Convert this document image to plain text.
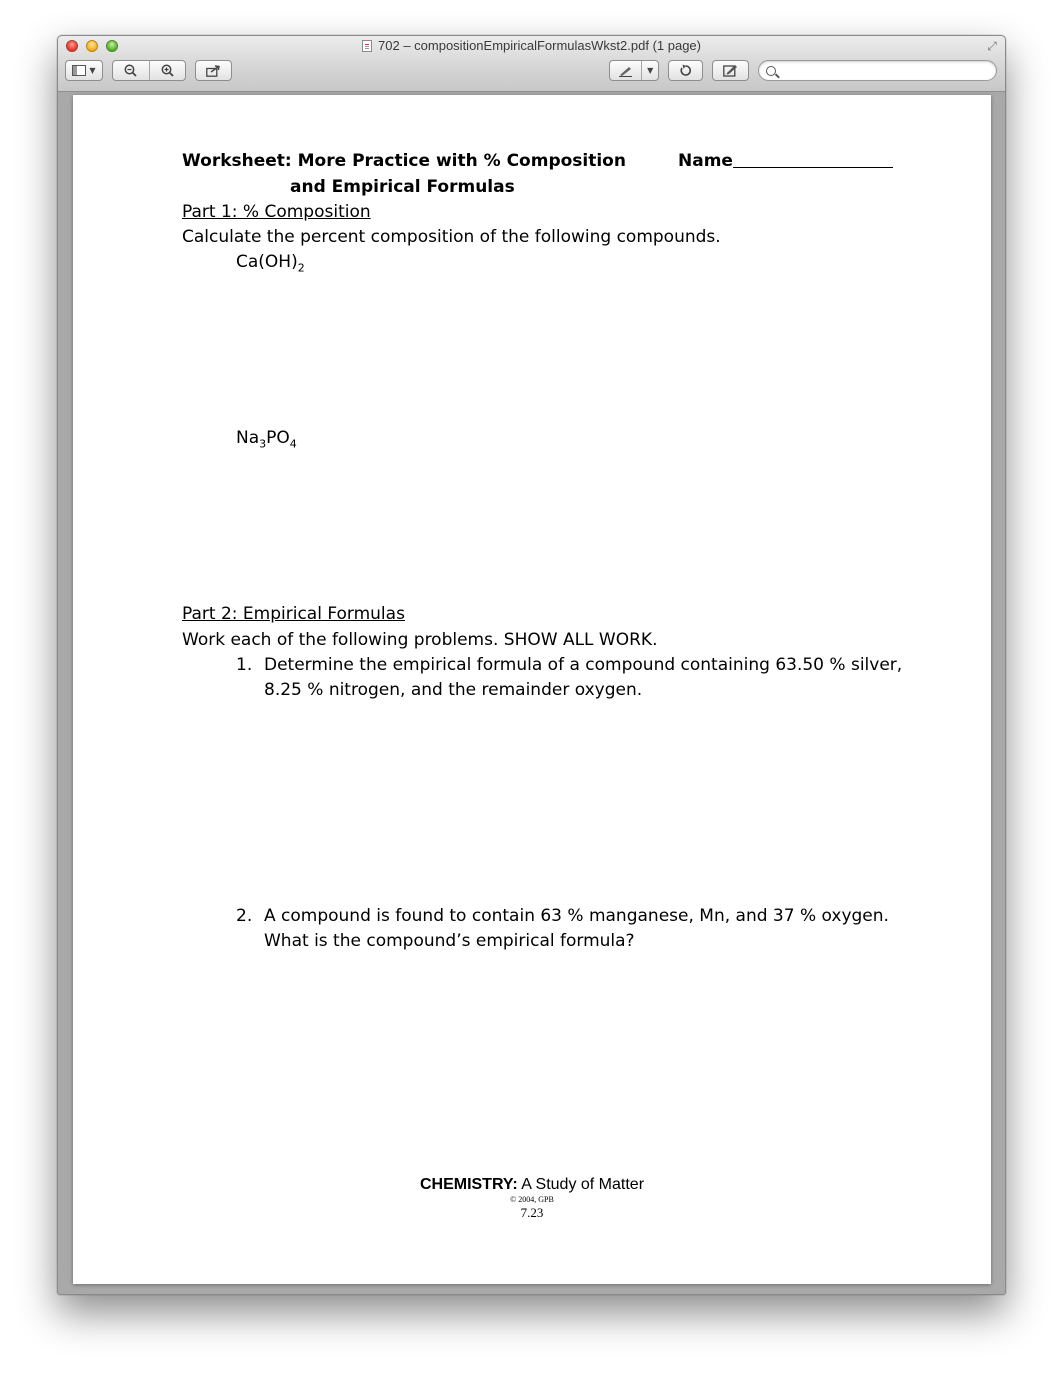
702 – compositionEmpiricalFormulasWkst2.pdf (1 page)	⤢
▼	▼
Worksheet: More Practice with % Composition	Name
and Empirical Formulas
Part 1: % Composition
Calculate the percent composition of the following compounds.
$Ca(OH)_2$
$Na_3PO_4$
Part 2: Empirical Formulas
Work each of the following problems. SHOW ALL WORK.
1. Determine the empirical formula of a compound containing 63.50 % silver,
8.25 % nitrogen, and the remainder oxygen.
2. A compound is found to contain 63 % manganese, Mn, and 37 % oxygen.
What is the compound’s empirical formula?
CHEMISTRY: A Study of Matter
© 2004, GPB
7.23
